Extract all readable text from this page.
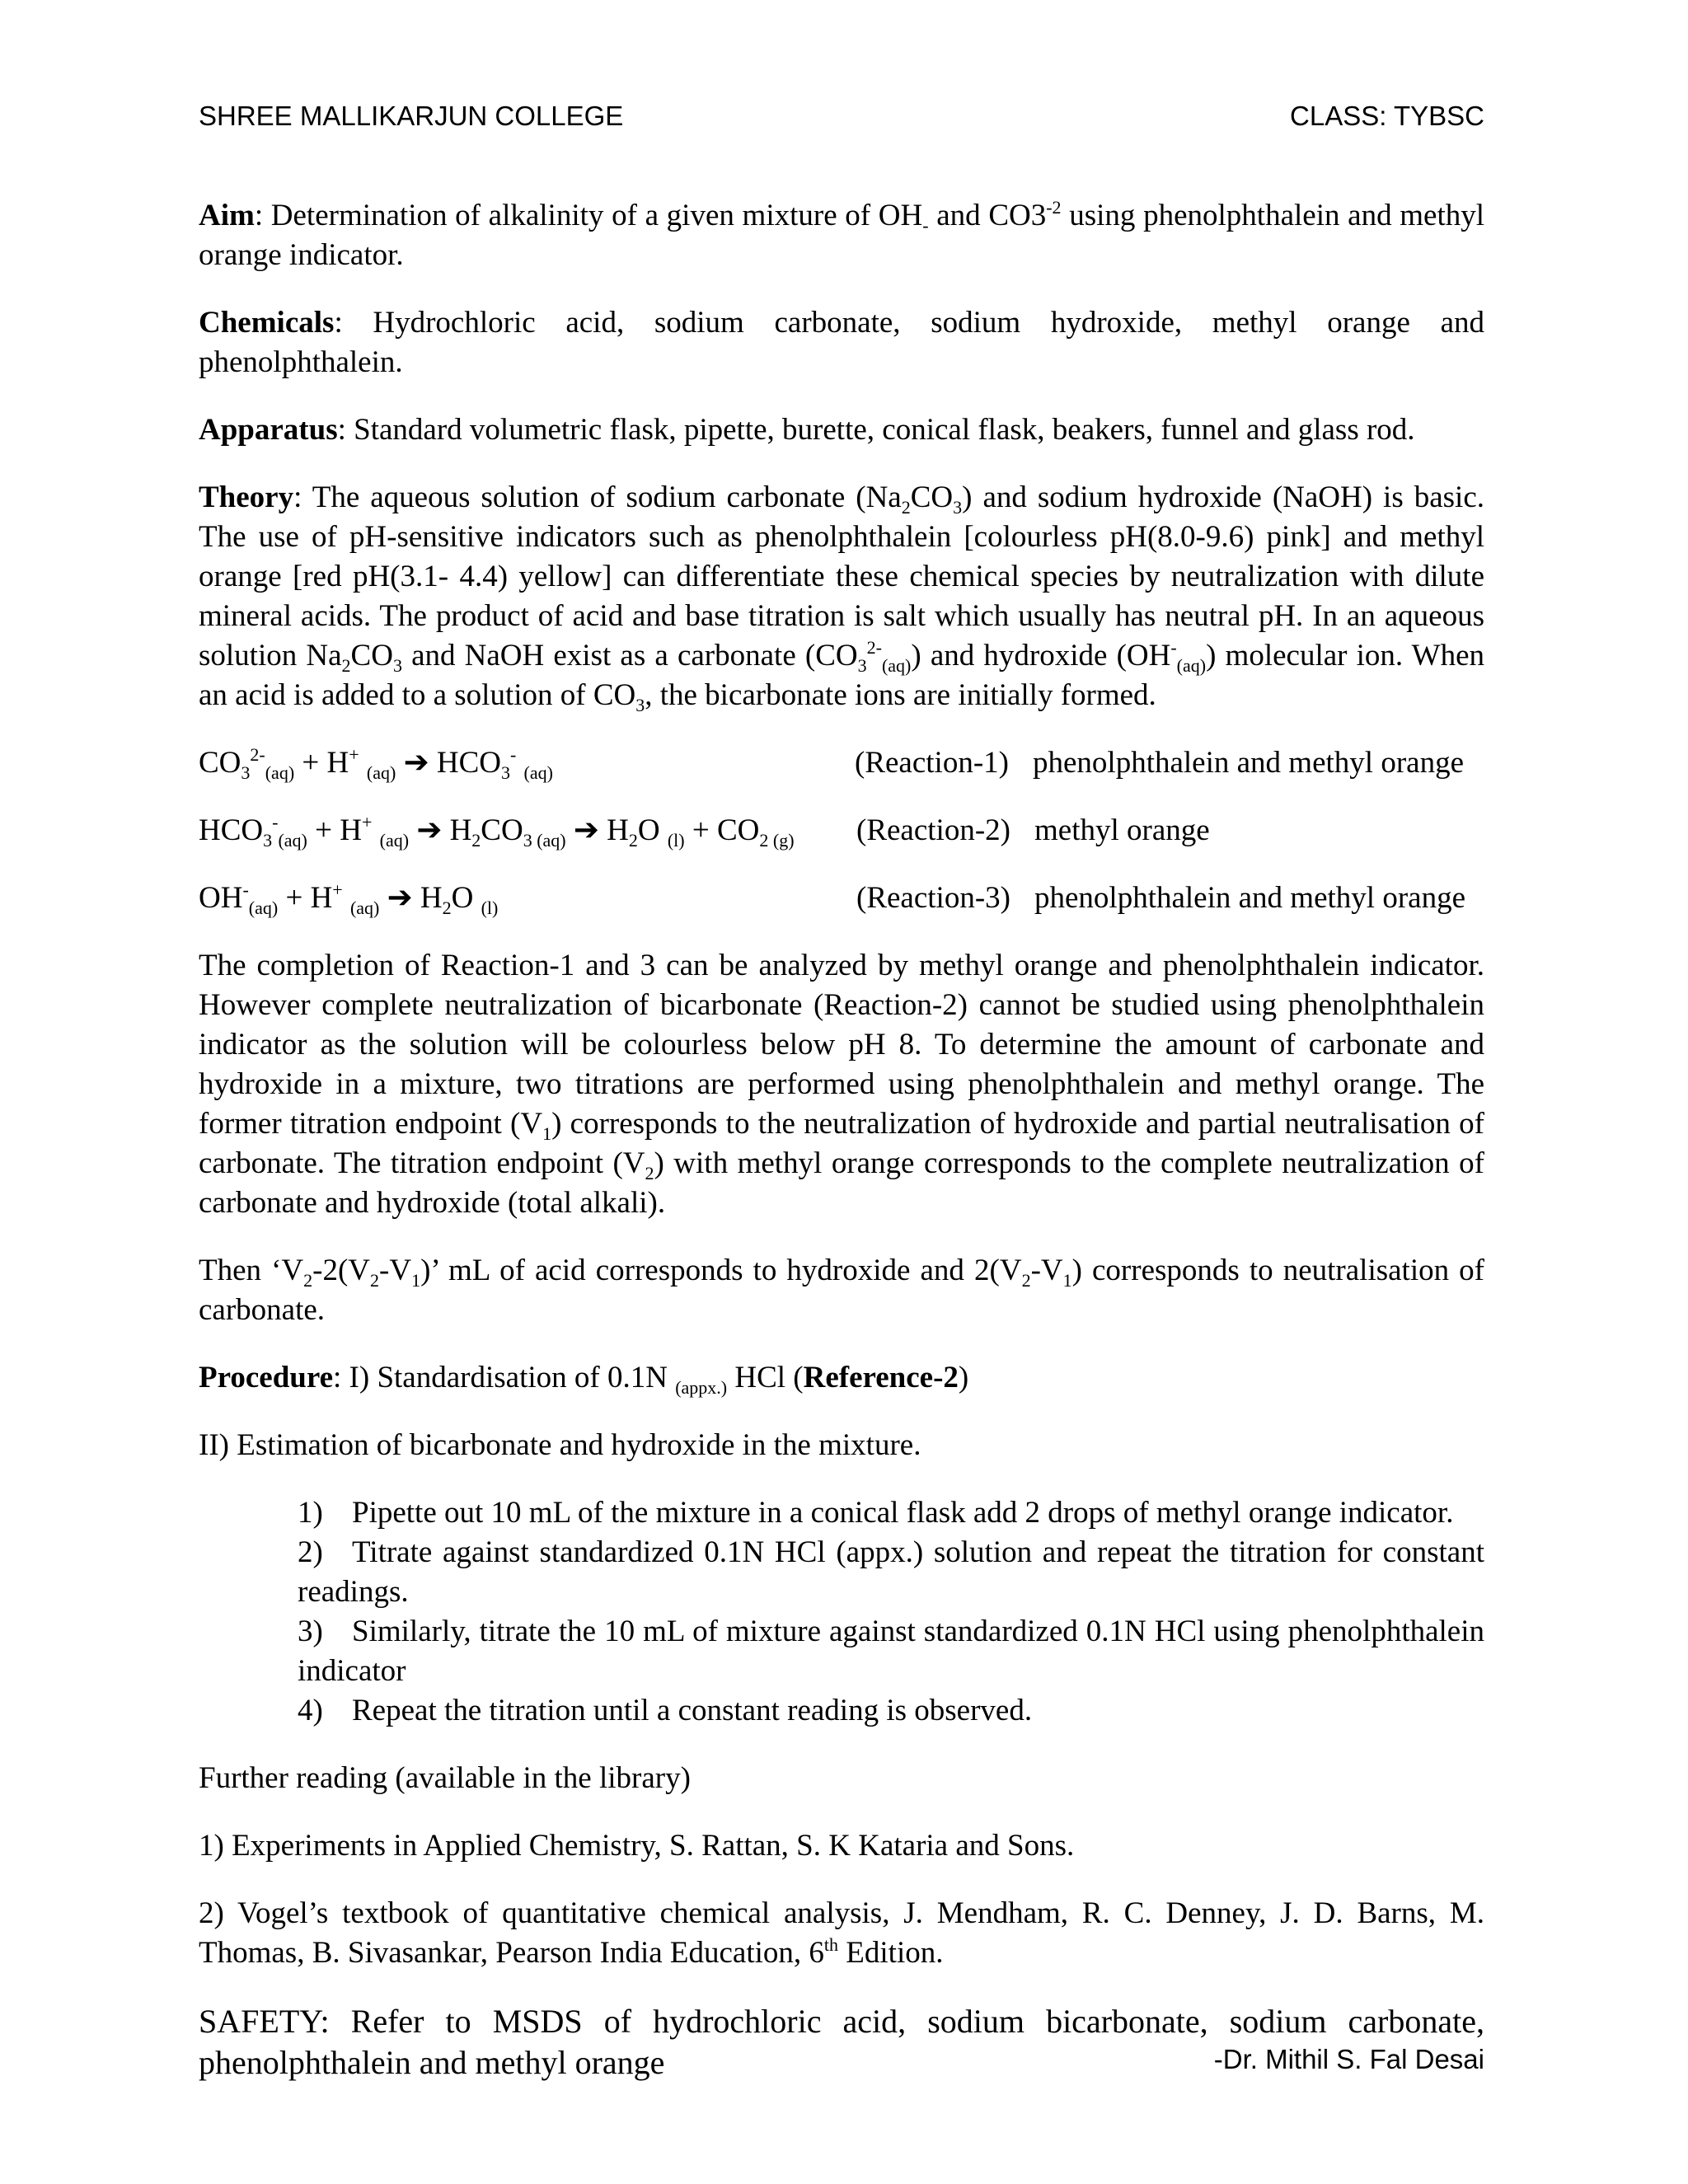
SHREE MALLIKARJUN COLLEGE	CLASS: TYBSC

Aim: Determination of alkalinity of a given mixture of $OH_-$ and $CO3^{-2}$ using phenolphthalein and methyl orange indicator.

Chemicals: Hydrochloric acid, sodium carbonate, sodium hydroxide, methyl orange and phenolphthalein.

Apparatus: Standard volumetric flask, pipette, burette, conical flask, beakers, funnel and glass rod.

Theory: The aqueous solution of sodium carbonate $(Na_2CO_3)$ and sodium hydroxide (NaOH) is basic. The use of pH-sensitive indicators such as phenolphthalein [colourless pH(8.0-9.6) pink] and methyl orange [red pH(3.1- 4.4) yellow] can differentiate these chemical species by neutralization with dilute mineral acids. The product of acid and base titration is salt which usually has neutral pH. In an aqueous solution $Na_2CO_3$ and NaOH exist as a carbonate $(CO_3^{2-}_{(aq)})$ and hydroxide $(OH^-_{(aq)})$ molecular ion. When an acid is added to a solution of $CO_3$, the bicarbonate ions are initially formed.

$CO_3^{2-}_{(aq)} + H^+$ $_{(aq)}$ ➔ $HCO_3^-$ $_{(aq)}$	(Reaction-1) phenolphthalein and methyl orange
$HCO_3^-_{(aq)} + H^+$ $_{(aq)}$ ➔ $H_2CO_{3 (aq)}$ ➔ $H_2O$ $_{(l)} + CO_{2 (g)}$ (Reaction-2) methyl orange
$OH^-_{(aq)} + H^+$ $_{(aq)}$ ➔ $H_2O$ $_{(l)}$	(Reaction-3) phenolphthalein and methyl orange

The completion of Reaction-1 and 3 can be analyzed by methyl orange and phenolphthalein indicator. However complete neutralization of bicarbonate (Reaction-2) cannot be studied using phenolphthalein indicator as the solution will be colourless below pH 8. To determine the amount of carbonate and hydroxide in a mixture, two titrations are performed using phenolphthalein and methyl orange. The former titration endpoint $(V_1)$ corresponds to the neutralization of hydroxide and partial neutralisation of carbonate. The titration endpoint $(V_2)$ with methyl orange corresponds to the complete neutralization of carbonate and hydroxide (total alkali).

Then ‘$V_2-2(V_2-V_1)$’ mL of acid corresponds to hydroxide and $2(V_2-V_1)$ corresponds to neutralisation of carbonate.

Procedure: I) Standardisation of 0.1N $_{(appx.)}$ HCl (Reference-2)

II) Estimation of bicarbonate and hydroxide in the mixture.

1) Pipette out 10 mL of the mixture in a conical flask add 2 drops of methyl orange indicator.
2) Titrate against standardized 0.1N HCl (appx.) solution and repeat the titration for constant readings.
3) Similarly, titrate the 10 mL of mixture against standardized 0.1N HCl using phenolphthalein indicator
4) Repeat the titration until a constant reading is observed.

Further reading (available in the library)

1) Experiments in Applied Chemistry, S. Rattan, S. K Kataria and Sons.

2) Vogel’s textbook of quantitative chemical analysis, J. Mendham, R. C. Denney, J. D. Barns, M. Thomas, B. Sivasankar, Pearson India Education, 6th Edition.

SAFETY: Refer to MSDS of hydrochloric acid, sodium bicarbonate, sodium carbonate, phenolphthalein and methyl orange	-Dr. Mithil S. Fal Desai
